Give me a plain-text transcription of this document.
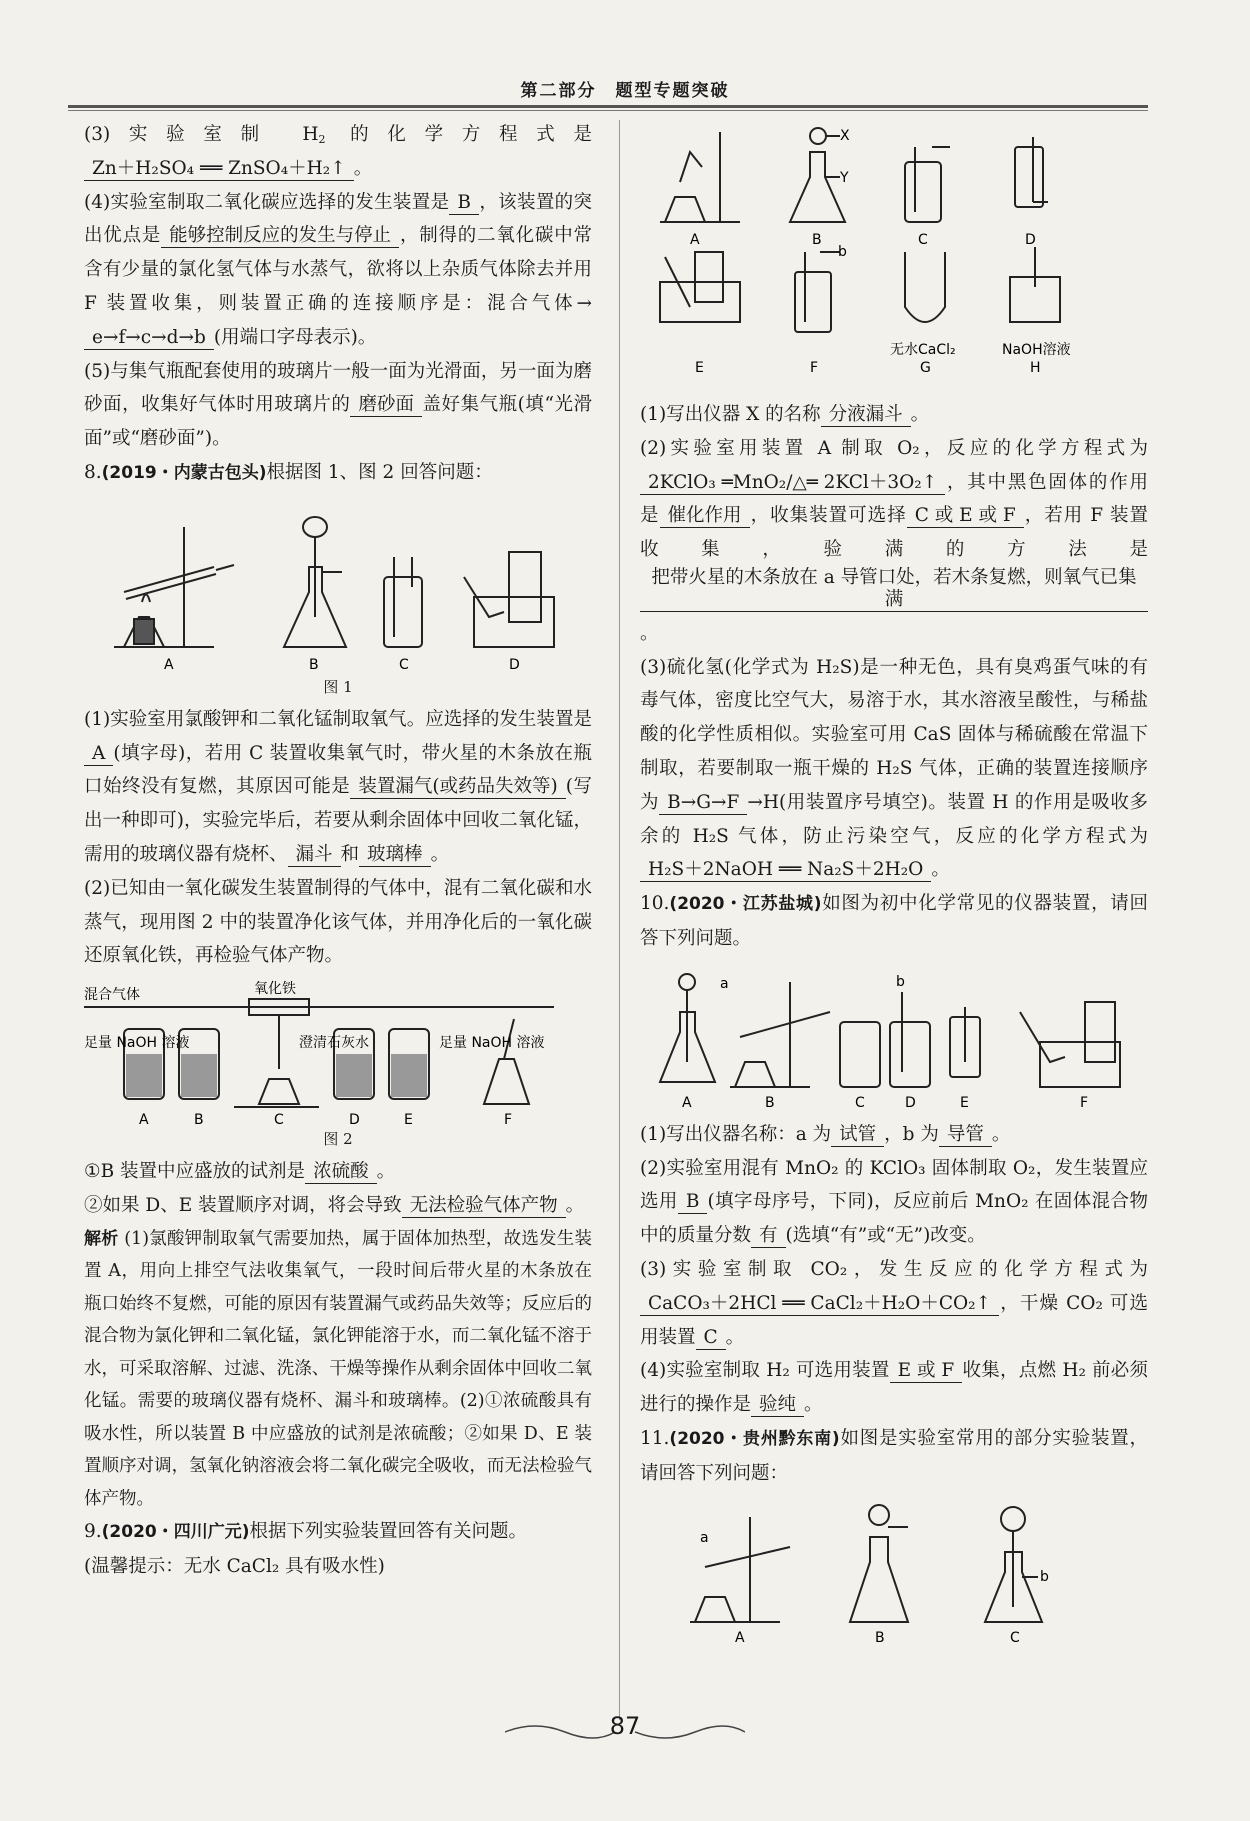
第二部分　题型专题突破

(3)实验室制 $H_2$ 的化学方程式是 Zn＋H₂SO₄ ══ ZnSO₄＋H₂↑ 。

(4)实验室制取二氧化碳应选择的发生装置是 B ，该装置的突出优点是 能够控制反应的发生与停止 ，制得的二氧化碳中常含有少量的氯化氢气体与水蒸气，欲将以上杂质气体除去并用 F 装置收集，则装置正确的连接顺序是：混合气体→e→f→c→d→b (用端口字母表示)。

(5)与集气瓶配套使用的玻璃片一般一面为光滑面，另一面为磨砂面，收集好气体时用玻璃片的 磨砂面 盖好集气瓶(填“光滑面”或“磨砂面”)。

8.(2019・内蒙古包头)根据图 1、图 2 回答问题：

B	D
A	C
图 1

(1)实验室用氯酸钾和二氧化锰制取氧气。应选择的发生装置是A (填字母)，若用 C 装置收集氧气时，带火星的木条放在瓶口始终没有复燃，其原因可能是 装置漏气(或药品失效等) (写出一种即可)，实验完毕后，若要从剩余固体中回收二氧化锰，需用的玻璃仪器有烧杯、 漏斗 和 玻璃棒 。

(2)已知由一氧化碳发生装置制得的气体中，混有二氧化碳和水蒸气，现用图 2 中的装置净化该气体，并用净化后的一氧化碳还原氧化铁，再检验气体产物。

混合气体	氧化铁
足量 NaOH 溶液	澄清石灰水	足量 NaOH 溶液
A	B	C	D	E	F
图 2

①B 装置中应盛放的试剂是 浓硫酸 。

②如果 D、E 装置顺序对调，将会导致 无法检验气体产物 。

解析 (1)氯酸钾制取氧气需要加热，属于固体加热型，故选发生装置 A，用向上排空气法收集氧气，一段时间后带火星的木条放在瓶口始终不复燃，可能的原因有装置漏气或药品失效等；反应后的混合物为氯化钾和二氧化锰，氯化钾能溶于水，而二氧化锰不溶于水，可采取溶解、过滤、洗涤、干燥等操作从剩余固体中回收二氧化锰。需要的玻璃仪器有烧杯、漏斗和玻璃棒。(2)①浓硫酸具有吸水性，所以装置 B 中应盛放的试剂是浓硫酸；②如果 D、E 装置顺序对调，氢氧化钠溶液会将二氧化碳完全吸收，而无法检验气体产物。

9.(2020・四川广元)根据下列实验装置回答有关问题。

(温馨提示：无水 CaCl₂ 具有吸水性)

X
Y
b
无水CaCl₂	NaOH溶液
A	B	C	D
E	F	G	H

(1)写出仪器 X 的名称 分液漏斗 。

(2)实验室用装置 A 制取 O₂，反应的化学方程式为2KClO₃ ═MnO₂/△═ 2KCl＋3O₂↑ ，其中黑色固体的作用是 催化作用 ，收集装置可选择 C 或 E 或 F ，若用 F 装置收集，验满的方法是把带火星的木条放在 a 导管口处，若木条复燃，则氧气已集满。

(3)硫化氢(化学式为 H₂S)是一种无色，具有臭鸡蛋气味的有毒气体，密度比空气大，易溶于水，其水溶液呈酸性，与稀盐酸的化学性质相似。实验室可用 CaS 固体与稀硫酸在常温下制取，若要制取一瓶干燥的 H₂S 气体，正确的装置连接顺序为 B→G→F →H(用装置序号填空)。装置 H 的作用是吸收多余的 H₂S 气体，防止污染空气，反应的化学方程式为H₂S＋2NaOH ══ Na₂S＋2H₂O 。

10.(2020・江苏盐城)如图为初中化学常见的仪器装置，请回答下列问题。

a	b
A	B	C	D	E	F

(1)写出仪器名称：a 为 试管 ，b 为 导管 。

(2)实验室用混有 MnO₂ 的 KClO₃ 固体制取 O₂，发生装置应选用 B (填字母序号，下同)，反应前后 MnO₂ 在固体混合物中的质量分数 有 (选填“有”或“无”)改变。

(3)实验室制取 CO₂，发生反应的化学方程式为CaCO₃＋2HCl ══ CaCl₂＋H₂O＋CO₂↑ ，干燥 CO₂ 可选用装置 C 。

(4)实验室制取 H₂ 可选用装置 E 或 F 收集，点燃 H₂ 前必须进行的操作是 验纯 。

11.(2020・贵州黔东南)如图是实验室常用的部分实验装置，请回答下列问题：

a
b
A	B	C
87
